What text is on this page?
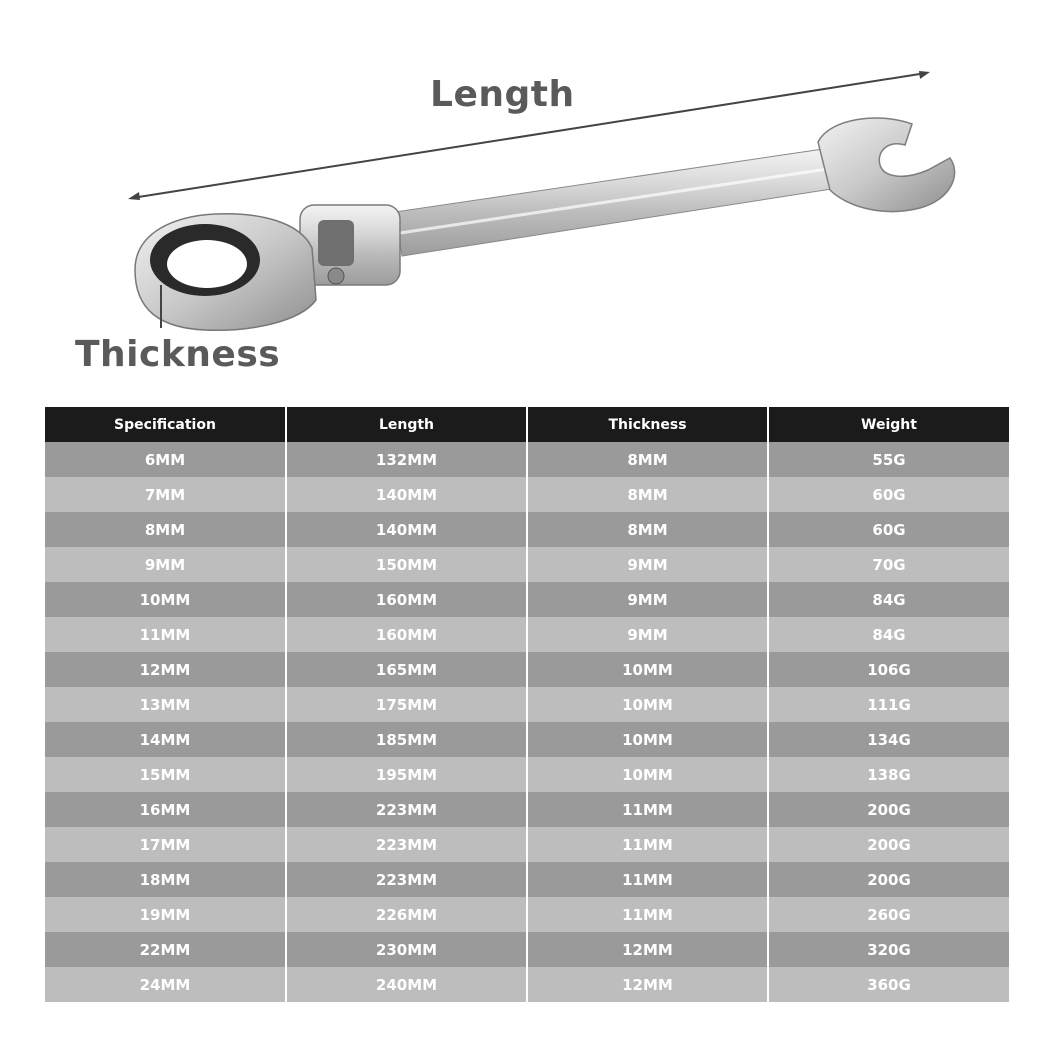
Length
Thickness
Specification	Length	Thickness	Weight
6MM	132MM	8MM	55G
7MM	140MM	8MM	60G
8MM	140MM	8MM	60G
9MM	150MM	9MM	70G
10MM	160MM	9MM	84G
11MM	160MM	9MM	84G
12MM	165MM	10MM	106G
13MM	175MM	10MM	111G
14MM	185MM	10MM	134G
15MM	195MM	10MM	138G
16MM	223MM	11MM	200G
17MM	223MM	11MM	200G
18MM	223MM	11MM	200G
19MM	226MM	11MM	260G
22MM	230MM	12MM	320G
24MM	240MM	12MM	360G
